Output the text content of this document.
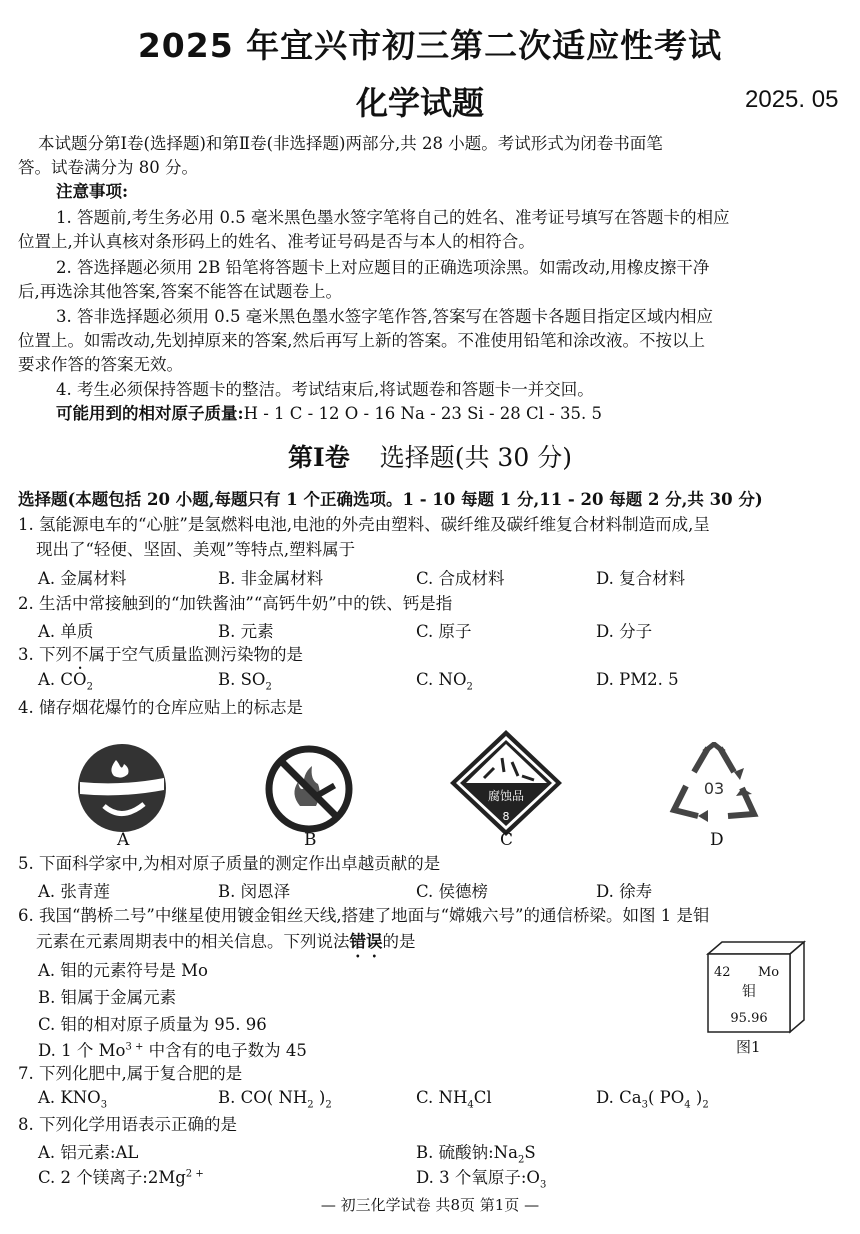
2025 年宜兴市初三第二次适应性考试
化学试题	2025. 05
本试题分第Ⅰ卷(选择题)和第Ⅱ卷(非选择题)两部分,共 28 小题。考试形式为闭卷书面笔
答。试卷满分为 80 分。
注意事项:
1. 答题前,考生务必用 0.5 毫米黑色墨水签字笔将自己的姓名、准考证号填写在答题卡的相应
位置上,并认真核对条形码上的姓名、准考证号码是否与本人的相符合。
2. 答选择题必须用 2B 铅笔将答题卡上对应题目的正确选项涂黑。如需改动,用橡皮擦干净
后,再选涂其他答案,答案不能答在试题卷上。
3. 答非选择题必须用 0.5 毫米黑色墨水签字笔作答,答案写在答题卡各题目指定区域内相应
位置上。如需改动,先划掉原来的答案,然后再写上新的答案。不准使用铅笔和涂改液。不按以上
要求作答的答案无效。
4. 考生必须保持答题卡的整洁。考试结束后,将试题卷和答题卡一并交回。
可能用到的相对原子质量:H - 1 C - 12 O - 16 Na - 23 Si - 28 Cl - 35. 5
第Ⅰ卷 选择题(共 30 分)
选择题(本题包括 20 小题,每题只有 1 个正确选项。1 - 10 每题 1 分,11 - 20 每题 2 分,共 30 分)
1. 氢能源电车的“心脏”是氢燃料电池,电池的外壳由塑料、碳纤维及碳纤维复合材料制造而成,呈
现出了“轻便、坚固、美观”等特点,塑料属于
A. 金属材料	B. 非金属材料	C. 合成材料	D. 复合材料
2. 生活中常接触到的“加铁酱油”“高钙牛奶”中的铁、钙是指
A. 单质	B. 元素	C. 原子	D. 分子
3. 下列不属于空气质量监测污染物的是
A. $CO_2$	B. $SO_2$	C. $NO_2$	D. PM2. 5
4. 储存烟花爆竹的仓库应贴上的标志是
A	B
腐蚀品
8
C
03
D
5. 下面科学家中,为相对原子质量的测定作出卓越贡献的是
A. 张青莲	B. 闵恩泽	C. 侯德榜	D. 徐寿
6. 我国“鹊桥二号”中继星使用镀金钼丝天线,搭建了地面与“嫦娥六号”的通信桥梁。如图 1 是钼
元素在元素周期表中的相关信息。下列说法错误的是
A. 钼的元素符号是 Mo
B. 钼属于金属元素
C. 钼的相对原子质量为 95. 96
D. 1 个 $Mo^{3 +}$ 中含有的电子数为 45
42 Mo
钼
95.96
图1
7. 下列化肥中,属于复合肥的是
A. $KNO_3$	B. CO( $NH_2$ )$_2$	C. $NH_4Cl$	D. $Ca_3$( $PO_4$ )$_2$
8. 下列化学用语表示正确的是
A. 铝元素:AL	B. 硫酸钠$:Na_2S$
C. 2 个镁离子$:2Mg^{2 +}$	D. 3 个氧原子$:O_3$
— 初三化学试卷 共8页 第1页 —
